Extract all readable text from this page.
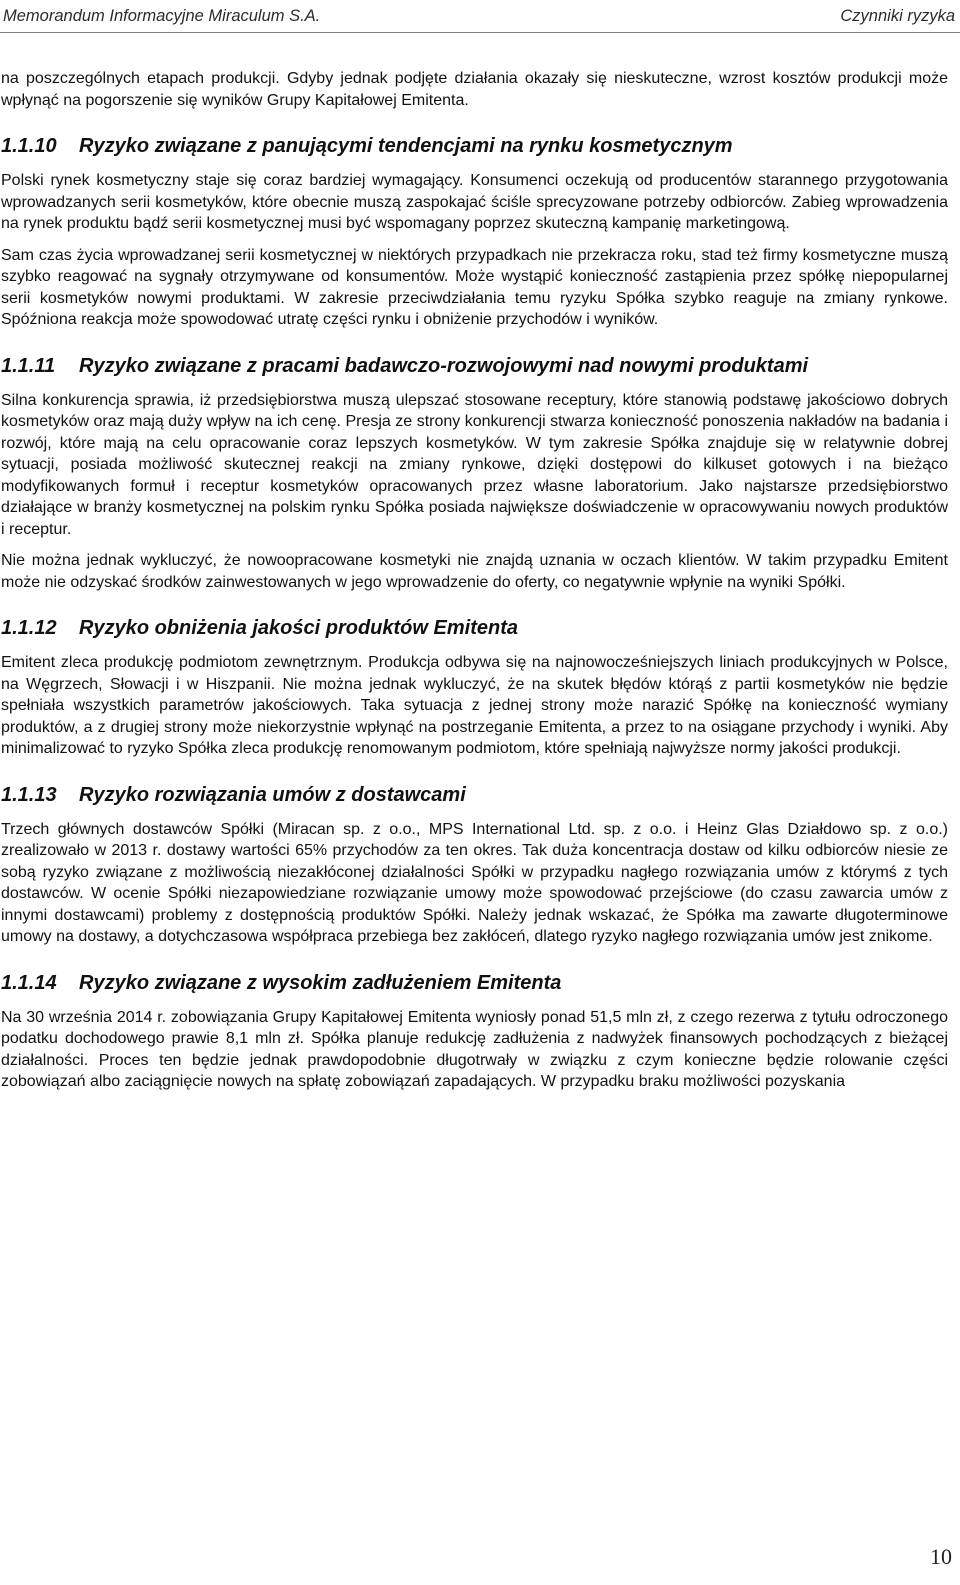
Memorandum Informacyjne Miraculum S.A.	Czynniki ryzyka

na poszczególnych etapach produkcji. Gdyby jednak podjęte działania okazały się nieskuteczne, wzrost kosztów produkcji może wpłynąć na pogorszenie się wyników Grupy Kapitałowej Emitenta.

1.1.10	Ryzyko związane z panującymi tendencjami na rynku kosmetycznym

Polski rynek kosmetyczny staje się coraz bardziej wymagający. Konsumenci oczekują od producentów starannego przygotowania wprowadzanych serii kosmetyków, które obecnie muszą zaspokajać ściśle sprecyzowane potrzeby odbiorców. Zabieg wprowadzenia na rynek produktu bądź serii kosmetycznej musi być wspomagany poprzez skuteczną kampanię marketingową.

Sam czas życia wprowadzanej serii kosmetycznej w niektórych przypadkach nie przekracza roku, stad też firmy kosmetyczne muszą szybko reagować na sygnały otrzymywane od konsumentów. Może wystąpić konieczność zastąpienia przez spółkę niepopularnej serii kosmetyków nowymi produktami. W zakresie przeciwdziałania temu ryzyku Spółka szybko reaguje na zmiany rynkowe. Spóźniona reakcja może spowodować utratę części rynku i obniżenie przychodów i wyników.

1.1.11	Ryzyko związane z pracami badawczo-rozwojowymi nad nowymi produktami

Silna konkurencja sprawia, iż przedsiębiorstwa muszą ulepszać stosowane receptury, które stanowią podstawę jakościowo dobrych kosmetyków oraz mają duży wpływ na ich cenę. Presja ze strony konkurencji stwarza konieczność ponoszenia nakładów na badania i rozwój, które mają na celu opracowanie coraz lepszych kosmetyków. W tym zakresie Spółka znajduje się w relatywnie dobrej sytuacji, posiada możliwość skutecznej reakcji na zmiany rynkowe, dzięki dostępowi do kilkuset gotowych i na bieżąco modyfikowanych formuł i receptur kosmetyków opracowanych przez własne laboratorium. Jako najstarsze przedsiębiorstwo działające w branży kosmetycznej na polskim rynku Spółka posiada największe doświadczenie w opracowywaniu nowych produktów i receptur.

Nie można jednak wykluczyć, że nowoopracowane kosmetyki nie znajdą uznania w oczach klientów. W takim przypadku Emitent może nie odzyskać środków zainwestowanych w jego wprowadzenie do oferty, co negatywnie wpłynie na wyniki Spółki.

1.1.12	Ryzyko obniżenia jakości produktów Emitenta

Emitent zleca produkcję podmiotom zewnętrznym. Produkcja odbywa się na najnowocześniejszych liniach produkcyjnych w Polsce, na Węgrzech, Słowacji i w Hiszpanii. Nie można jednak wykluczyć, że na skutek błędów którąś z partii kosmetyków nie będzie spełniała wszystkich parametrów jakościowych. Taka sytuacja z jednej strony może narazić Spółkę na konieczność wymiany produktów, a z drugiej strony może niekorzystnie wpłynąć na postrzeganie Emitenta, a przez to na osiągane przychody i wyniki. Aby minimalizować to ryzyko Spółka zleca produkcję renomowanym podmiotom, które spełniają najwyższe normy jakości produkcji.

1.1.13	Ryzyko rozwiązania umów z dostawcami

Trzech głównych dostawców Spółki (Miracan sp. z o.o., MPS International Ltd. sp. z o.o. i Heinz Glas Działdowo sp. z o.o.) zrealizowało w 2013 r. dostawy wartości 65% przychodów za ten okres. Tak duża koncentracja dostaw od kilku odbiorców niesie ze sobą ryzyko związane z możliwością niezakłóconej działalności Spółki w przypadku nagłego rozwiązania umów z którymś z tych dostawców. W ocenie Spółki niezapowiedziane rozwiązanie umowy może spowodować przejściowe (do czasu zawarcia umów z innymi dostawcami) problemy z dostępnością produktów Spółki. Należy jednak wskazać, że Spółka ma zawarte długoterminowe umowy na dostawy, a dotychczasowa współpraca przebiega bez zakłóceń, dlatego ryzyko nagłego rozwiązania umów jest znikome.

1.1.14	Ryzyko związane z wysokim zadłużeniem Emitenta

Na 30 września 2014 r. zobowiązania Grupy Kapitałowej Emitenta wyniosły ponad 51,5 mln zł, z czego rezerwa z tytułu odroczonego podatku dochodowego prawie 8,1 mln zł. Spółka planuje redukcję zadłużenia z nadwyżek finansowych pochodzących z bieżącej działalności. Proces ten będzie jednak prawdopodobnie długotrwały w związku z czym konieczne będzie rolowanie części zobowiązań albo zaciągnięcie nowych na spłatę zobowiązań zapadających. W przypadku braku możliwości pozyskania

10
